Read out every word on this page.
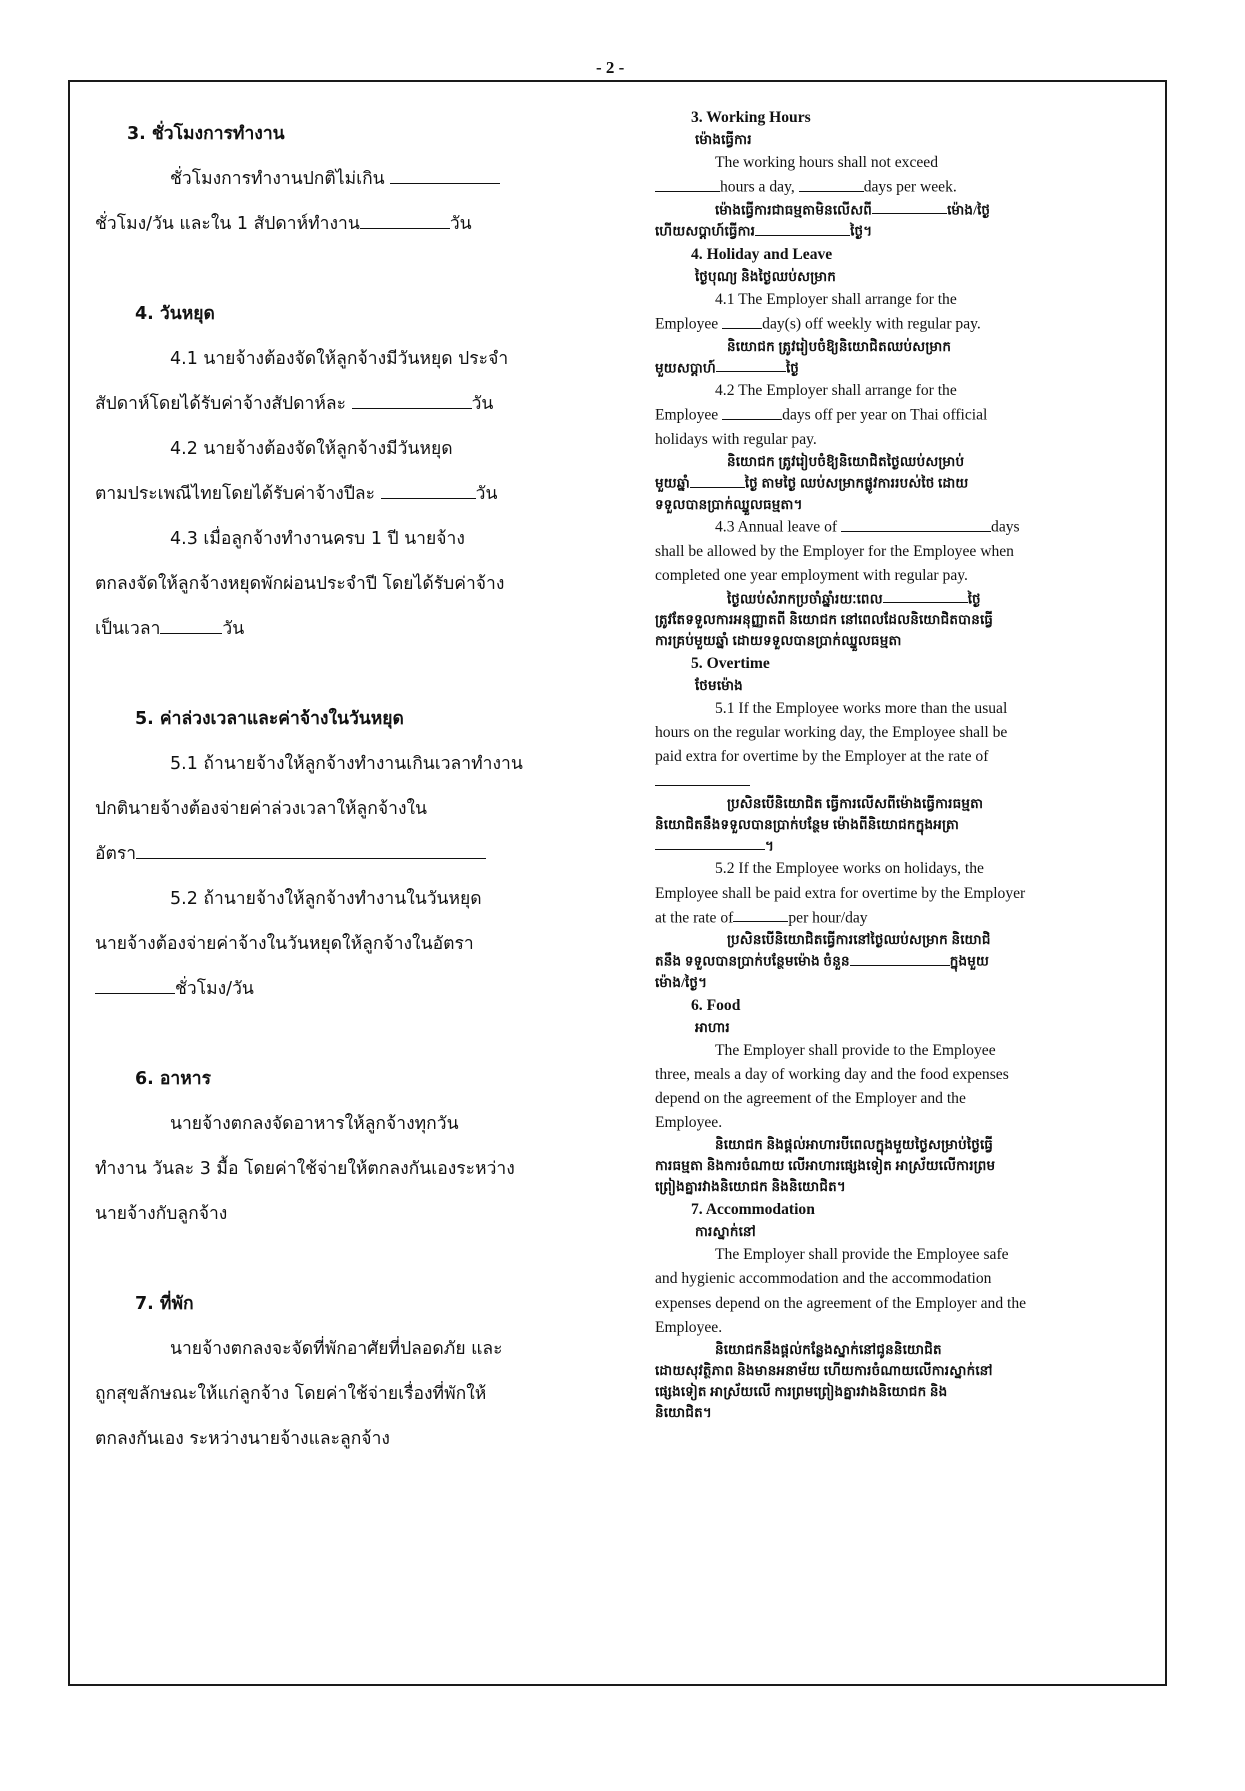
- 2 -

3. ชั่วโมงการทำงาน

ชั่วโมงการทำงานปกติไม่เกิน

ชั่วโมง/วัน และใน 1 สัปดาห์ทำงาน	วัน

4. วันหยุด

4.1 นายจ้างต้องจัดให้ลูกจ้างมีวันหยุด ประจำ

สัปดาห์โดยได้รับค่าจ้างสัปดาห์ละ	วัน

4.2 นายจ้างต้องจัดให้ลูกจ้างมีวันหยุด

ตามประเพณีไทยโดยได้รับค่าจ้างปีละ	วัน

4.3 เมื่อลูกจ้างทำงานครบ 1 ปี นายจ้าง

ตกลงจัดให้ลูกจ้างหยุดพักผ่อนประจำปี โดยได้รับค่าจ้าง

เป็นเวลา	วัน

5. ค่าล่วงเวลาและค่าจ้างในวันหยุด

5.1 ถ้านายจ้างให้ลูกจ้างทำงานเกินเวลาทำงาน

ปกตินายจ้างต้องจ่ายค่าล่วงเวลาให้ลูกจ้างใน

อัตรา

5.2 ถ้านายจ้างให้ลูกจ้างทำงานในวันหยุด

นายจ้างต้องจ่ายค่าจ้างในวันหยุดให้ลูกจ้างในอัตรา

ชั่วโมง/วัน

6. อาหาร

นายจ้างตกลงจัดอาหารให้ลูกจ้างทุกวัน

ทำงาน วันละ 3 มื้อ โดยค่าใช้จ่ายให้ตกลงกันเองระหว่าง

นายจ้างกับลูกจ้าง

7. ที่พัก

นายจ้างตกลงจะจัดที่พักอาศัยที่ปลอดภัย และ

ถูกสุขลักษณะให้แก่ลูกจ้าง โดยค่าใช้จ่ายเรื่องที่พักให้

ตกลงกันเอง ระหว่างนายจ้างและลูกจ้าง

3. Working Hours

ម៉ោងធ្វើការ

The working hours shall not exceed

hours a day,	days per week.

ម៉ោងធ្វើការជាធម្មតាមិនលើសពី	ម៉ោង/ថ្ងៃ

ហើយសប្តាហ៍ធ្វើការ	ថ្ងៃ។

4. Holiday and Leave

ថ្ងៃបុណ្យ និងថ្ងៃឈប់សម្រាក

4.1 The Employer shall arrange for the

Employee	day(s) off weekly with regular pay.

និយោជក ត្រូវរៀបចំឱ្យនិយោជិតឈប់សម្រាក

មួយសប្តាហ៍	ថ្ងៃ

4.2 The Employer shall arrange for the

Employee	days off per year on Thai official

holidays with regular pay.

និយោជក ត្រូវរៀបចំឱ្យនិយោជិតថ្ងៃឈប់សម្រាប់

មួយឆ្នាំ	ថ្ងៃ តាមថ្ងៃ ឈប់សម្រាកផ្លូវការរបស់ថៃ ដោយ

ទទួលបានប្រាក់ឈ្នួលធម្មតា។

4.3 Annual leave of	days

shall be allowed by the Employer for the Employee when

completed one year employment with regular pay.

ថ្ងៃឈប់សំរាកប្រចាំឆ្នាំរយៈពេល	ថ្ងៃ

ត្រូវតែទទួលការអនុញ្ញាតពី និយោជក នៅពេលដែលនិយោជិតបានធ្វើ

ការគ្រប់មួយឆ្នាំ ដោយទទួលបានប្រាក់ឈ្នួលធម្មតា

5. Overtime

ថែមម៉ោង

5.1 If the Employee works more than the usual

hours on the regular working day, the Employee shall be

paid extra for overtime by the Employer at the rate of

ប្រសិនបើនិយោជិត ធ្វើការលើសពីម៉ោងធ្វើការធម្មតា

និយោជិតនឹងទទួលបានប្រាក់បន្ថែម ម៉ោងពីនិយោជកក្នុងអត្រា

។

5.2 If the Employee works on holidays, the

Employee shall be paid extra for overtime by the Employer

at the rate of	per hour/day

ប្រសិនបើនិយោជិតធ្វើការនៅថ្ងៃឈប់សម្រាក និយោជិ

តនឹង ទទួលបានប្រាក់បន្ថែមម៉ោង ចំនួន	ក្នុងមួយ

ម៉ោង/ថ្ងៃ។

6. Food

អាហារ

The Employer shall provide to the Employee

three, meals a day of working day and the food expenses

depend on the agreement of the Employer and the

Employee.

និយោជក និងផ្តល់អាហារបីពេលក្នុងមួយថ្ងៃសម្រាប់ថ្ងៃធ្វើ

ការធម្មតា និងការចំណាយ លើអាហារផ្សេងទៀត អាស្រ័យលើការព្រម

ព្រៀងគ្នារវាងនិយោជក និងនិយោជិត។

7. Accommodation

ការស្នាក់នៅ

The Employer shall provide the Employee safe

and hygienic accommodation and the accommodation

expenses depend on the agreement of the Employer and the

Employee.

និយោជកនឹងផ្តល់កន្លែងស្នាក់នៅជូននិយោជិត

ដោយសុវត្ថិភាព និងមានអនាម័យ ហើយការចំណាយលើការស្នាក់នៅ

ផ្សេងទៀត អាស្រ័យលើ ការព្រមព្រៀងគ្នារវាងនិយោជក និង

និយោជិត។
